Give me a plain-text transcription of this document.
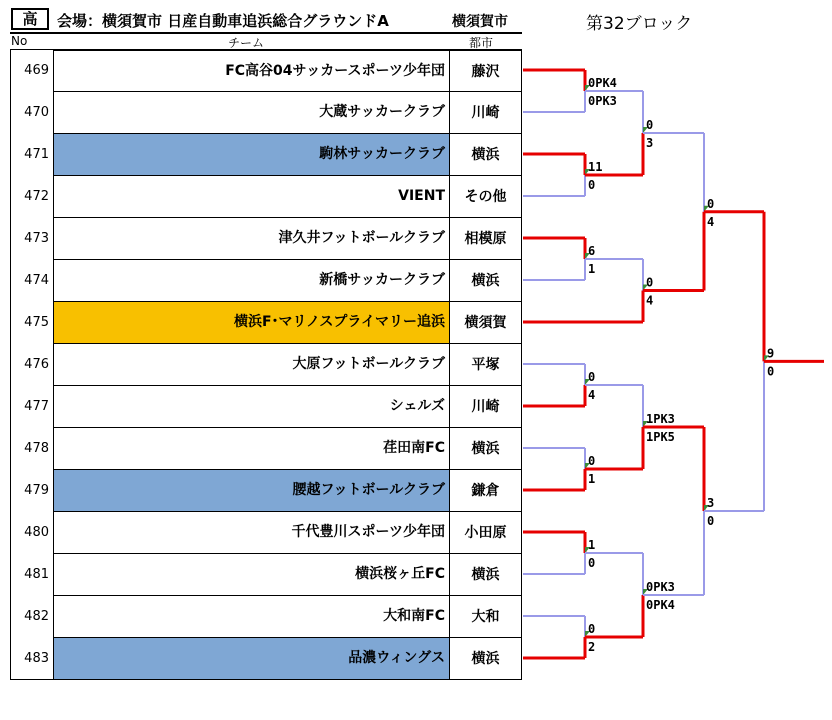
高	会場：横須賀市 日産自動車追浜総合グラウンドA	横須賀市	第32ブロック
No	チーム	都市
469	FC高谷04サッカースポーツ少年団	藤沢
470	大蔵サッカークラブ	川崎
471	駒林サッカークラブ	横浜
472	VIENT	その他
473	津久井フットボールクラブ	相模原
474	新橋サッカークラブ	横浜
475	横浜F･マリノスプライマリー追浜	横須賀
476	大原フットボールクラブ	平塚
477	シェルズ	川崎
478	荏田南FC	横浜
479	腰越フットボールクラブ	鎌倉
480	千代豊川スポーツ少年団	小田原
481	横浜桜ヶ丘FC	横浜
482	大和南FC	大和
483	品濃ウィングス	横浜
0PK4
0PK3
11
0
6
1
0
4
0
1
1
0
0
2
0
3
0
4
1PK3
1PK5
0PK3
0PK4
0
4
3
0
9
0
